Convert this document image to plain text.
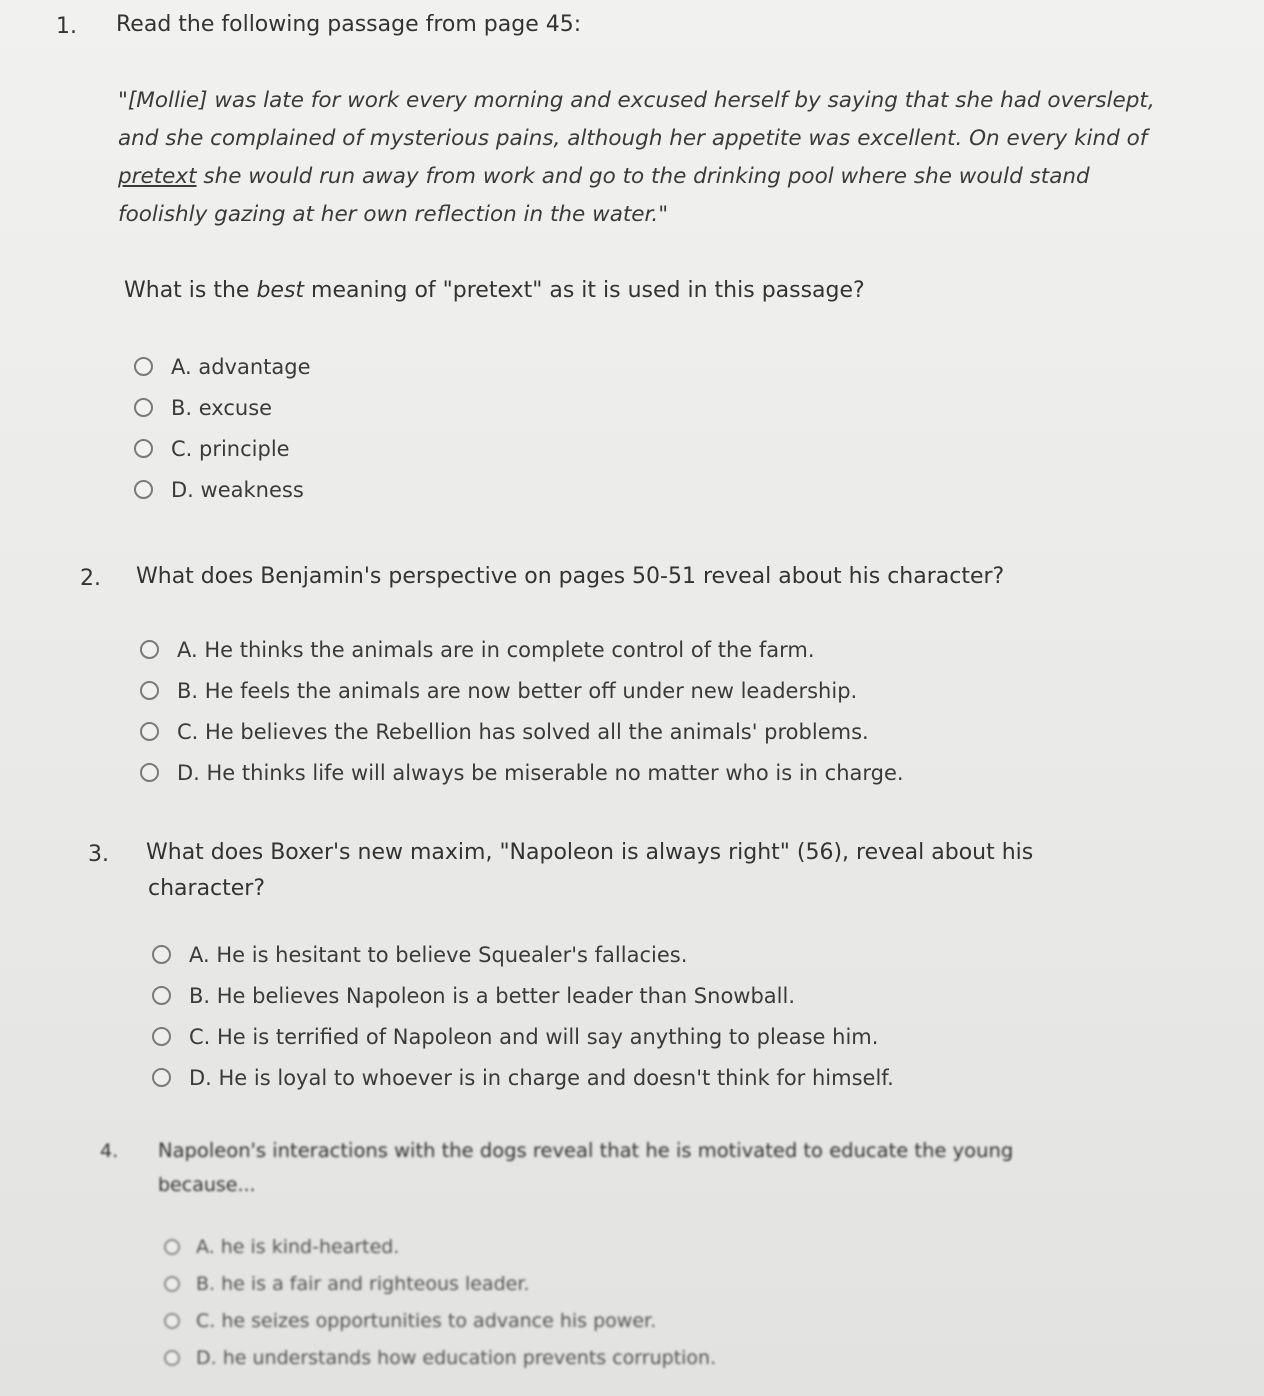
1. Read the following passage from page 45:
"[Mollie] was late for work every morning and excused herself by saying that she had overslept, and she complained of mysterious pains, although her appetite was excellent. On every kind of pretext she would run away from work and go to the drinking pool where she would stand foolishly gazing at her own reflection in the water."
What is the best meaning of "pretext" as it is used in this passage?
A. advantage
B. excuse
C. principle
D. weakness
2. What does Benjamin's perspective on pages 50-51 reveal about his character?
A. He thinks the animals are in complete control of the farm.
B. He feels the animals are now better off under new leadership.
C. He believes the Rebellion has solved all the animals' problems.
D. He thinks life will always be miserable no matter who is in charge.
3. What does Boxer's new maxim, "Napoleon is always right" (56), reveal about his
character?
A. He is hesitant to believe Squealer's fallacies.
B. He believes Napoleon is a better leader than Snowball.
C. He is terrified of Napoleon and will say anything to please him.
D. He is loyal to whoever is in charge and doesn't think for himself.
4. Napoleon's interactions with the dogs reveal that he is motivated to educate the young
because...
A. he is kind-hearted.
B. he is a fair and righteous leader.
C. he seizes opportunities to advance his power.
D. he understands how education prevents corruption.
